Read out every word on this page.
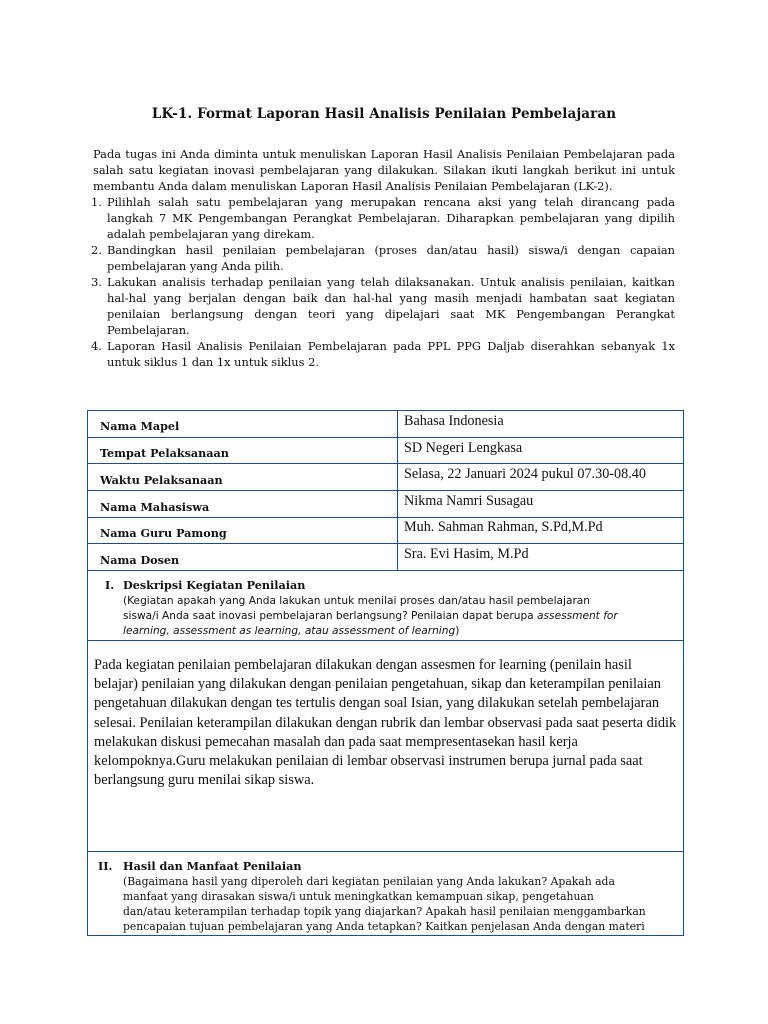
LK-1. Format Laporan Hasil Analisis Penilaian Pembelajaran

Pada tugas ini Anda diminta untuk menuliskan Laporan Hasil Analisis Penilaian Pembelajaran pada salah satu kegiatan inovasi pembelajaran yang dilakukan. Silakan ikuti langkah berikut ini untuk membantu Anda dalam menuliskan Laporan Hasil Analisis Penilaian Pembelajaran (LK-2).

1. Pilihlah salah satu pembelajaran yang merupakan rencana aksi yang telah dirancang pada langkah 7 MK Pengembangan Perangkat Pembelajaran. Diharapkan pembelajaran yang dipilih adalah pembelajaran yang direkam.
2. Bandingkan hasil penilaian pembelajaran (proses dan/atau hasil) siswa/i dengan capaian pembelajaran yang Anda pilih.
3. Lakukan analisis terhadap penilaian yang telah dilaksanakan. Untuk analisis penilaian, kaitkan hal-hal yang berjalan dengan baik dan hal-hal yang masih menjadi hambatan saat kegiatan penilaian berlangsung dengan teori yang dipelajari saat MK Pengembangan Perangkat Pembelajaran.
4. Laporan Hasil Analisis Penilaian Pembelajaran pada PPL PPG Daljab diserahkan sebanyak 1x untuk siklus 1 dan 1x untuk siklus 2.
Nama Mapel	Bahasa Indonesia
Tempat Pelaksanaan	SD Negeri Lengkasa
Waktu Pelaksanaan	Selasa, 22 Januari 2024 pukul 07.30-08.40
Nama Mahasiswa	Nikma Namri Susagau
Nama Guru Pamong	Muh. Sahman Rahman, S.Pd,M.Pd
Nama Dosen	Sra. Evi Hasim, M.Pd
I. Deskripsi Kegiatan Penilaian
(Kegiatan apakah yang Anda lakukan untuk menilai proses dan/atau hasil pembelajaran
siswa/i Anda saat inovasi pembelajaran berlangsung? Penilaian dapat berupa assessment for
learning, assessment as learning, atau assessment of learning)
Pada kegiatan penilaian pembelajaran dilakukan dengan assesmen for learning (penilain hasil belajar) penilaian yang dilakukan dengan penilaian pengetahuan, sikap dan keterampilan penilaian pengetahuan dilakukan dengan tes tertulis dengan soal Isian, yang dilakukan setelah pembelajaran selesai. Penilaian keterampilan dilakukan dengan rubrik dan lembar observasi pada saat peserta didik melakukan diskusi pemecahan masalah dan pada saat mempresentasekan hasil kerja kelompoknya.Guru melakukan penilaian di lembar observasi instrumen berupa jurnal pada saat berlangsung guru menilai sikap siswa.
II. Hasil dan Manfaat Penilaian
(Bagaimana hasil yang diperoleh dari kegiatan penilaian yang Anda lakukan? Apakah ada
manfaat yang dirasakan siswa/i untuk meningkatkan kemampuan sikap, pengetahuan
dan/atau keterampilan terhadap topik yang diajarkan? Apakah hasil penilaian menggambarkan
pencapaian tujuan pembelajaran yang Anda tetapkan? Kaitkan penjelasan Anda dengan materi
